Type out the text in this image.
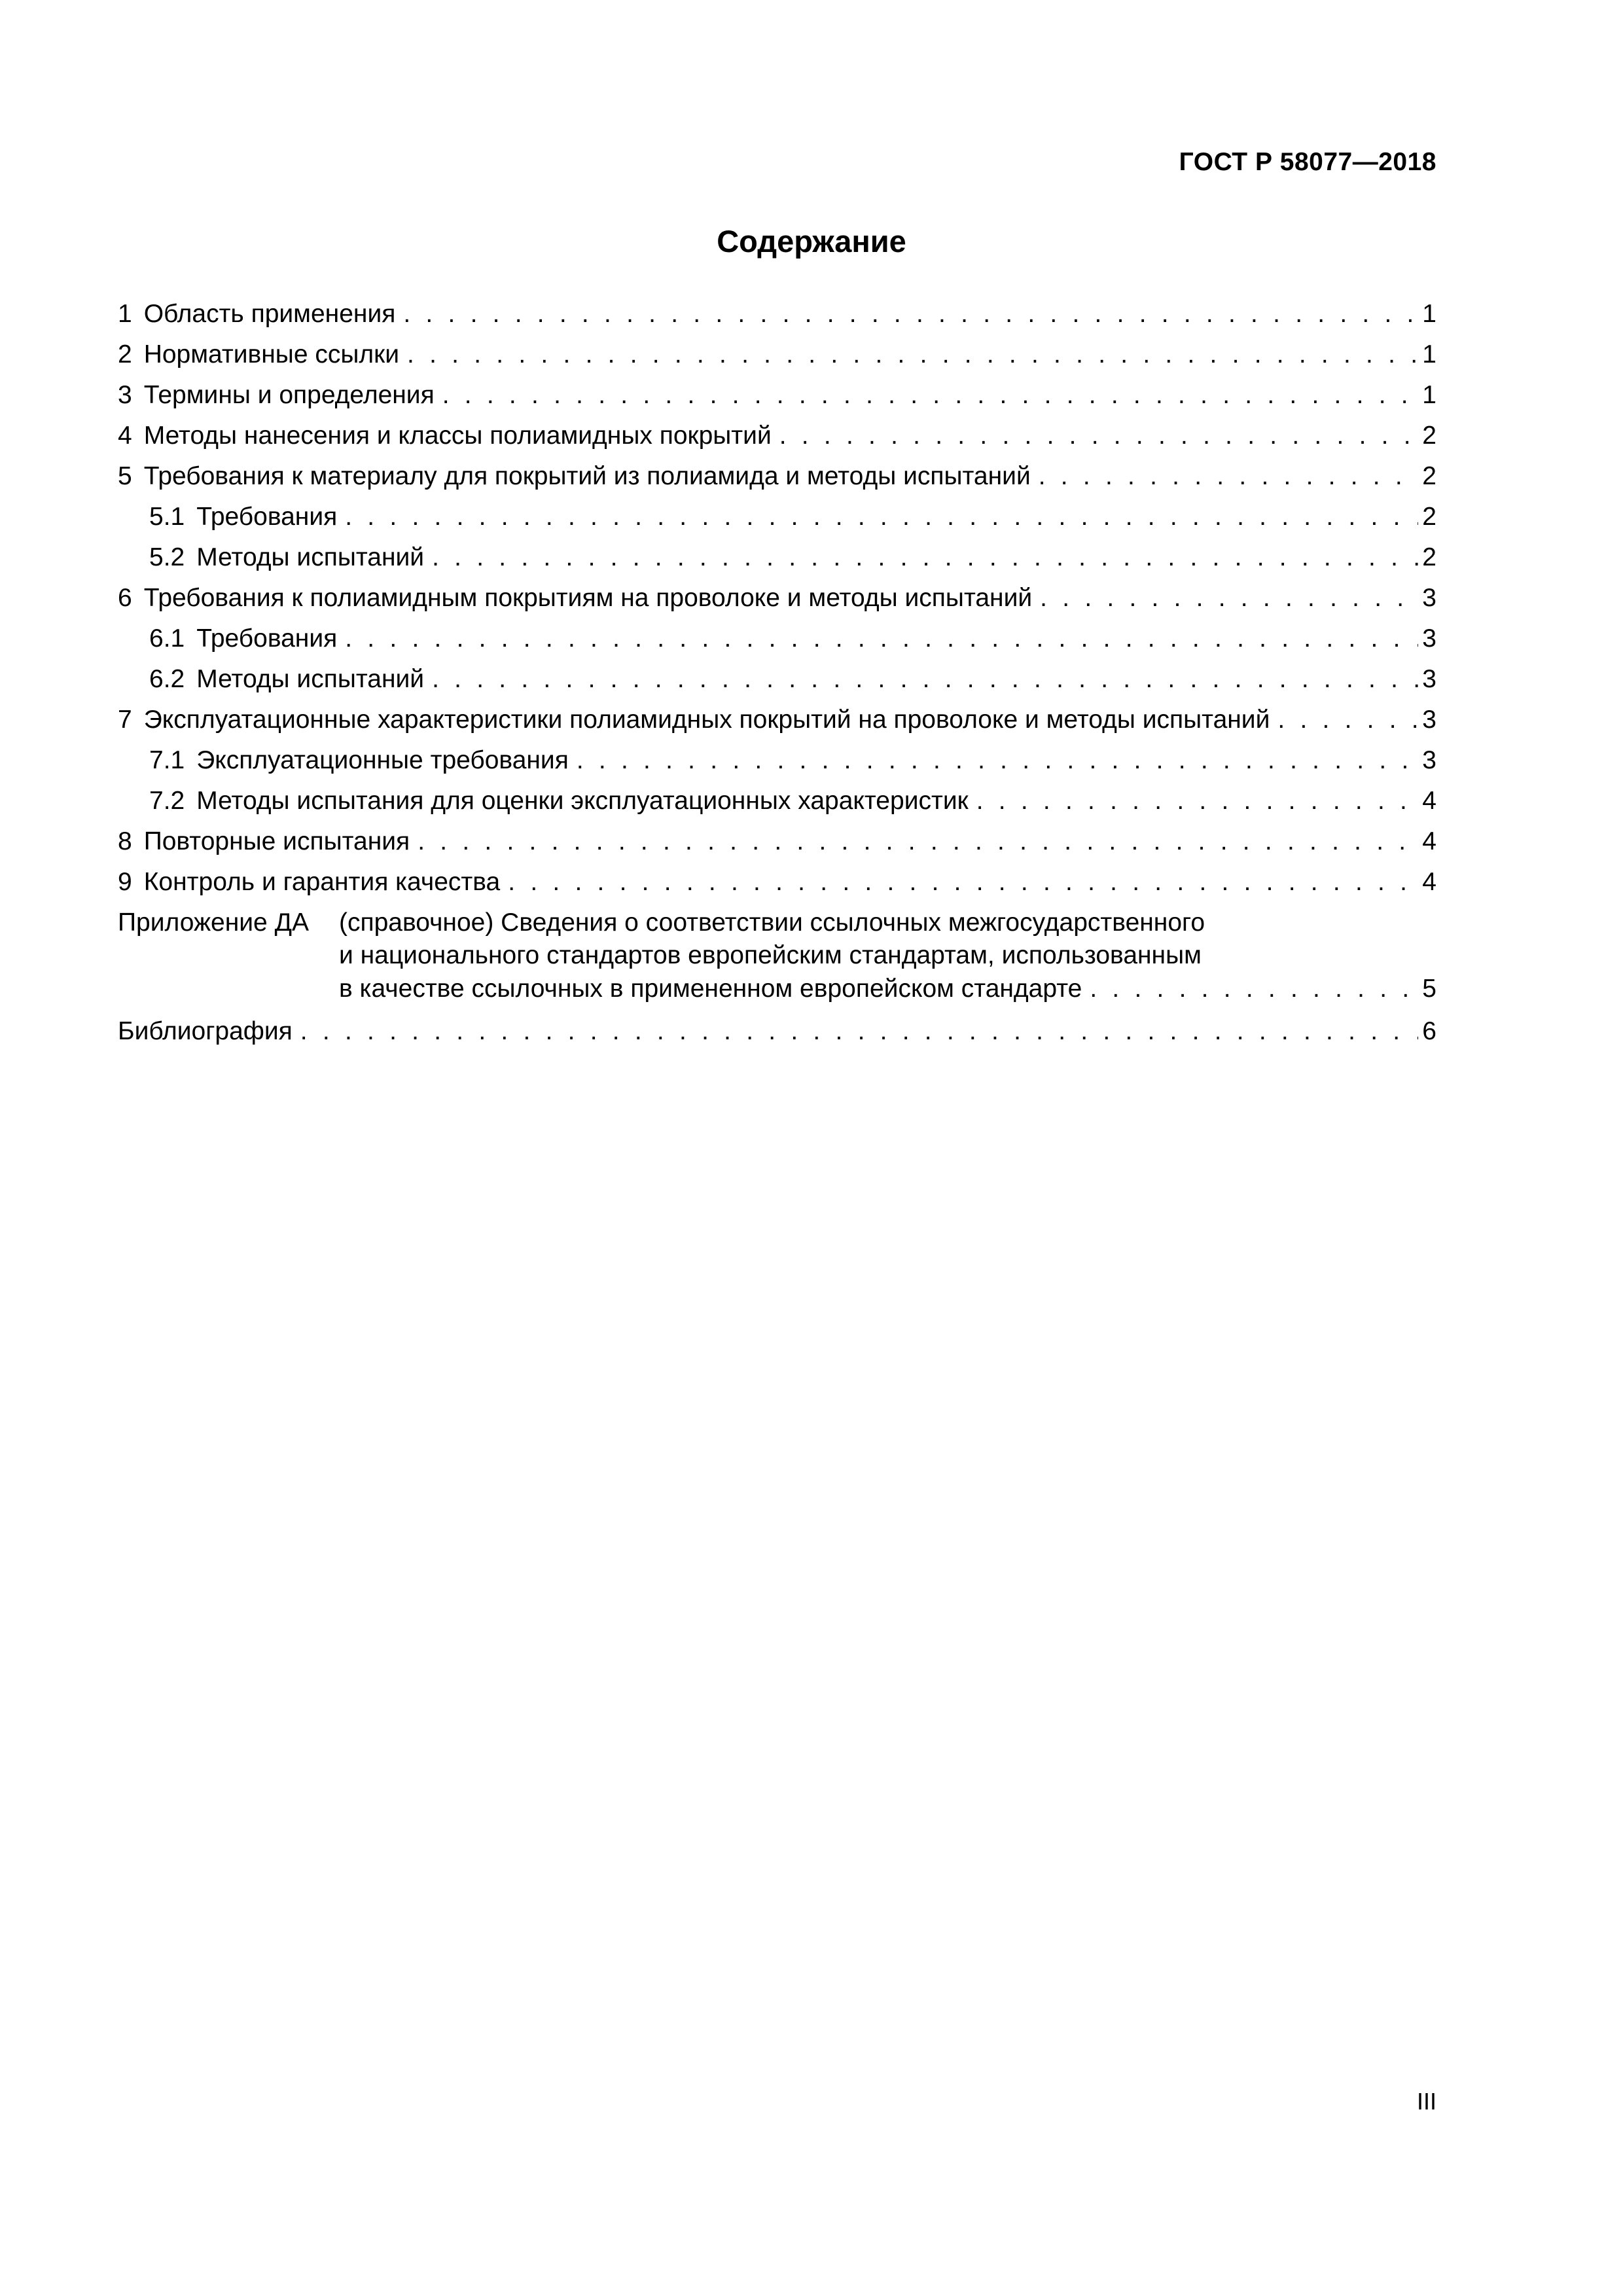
ГОСТ Р 58077—2018
Содержание
1 Область применения . . .	1
2 Нормативные ссылки . . .	1
3 Термины и определения . . .	1
4 Методы нанесения и классы полиамидных покрытий . . .	2
5 Требования к материалу для покрытий из полиамида и методы испытаний . . .	2
5.1 Требования . . .	2
5.2 Методы испытаний . . .	2
6 Требования к полиамидным покрытиям на проволоке и методы испытаний . . .	3
6.1 Требования . . .	3
6.2 Методы испытаний . . .	3
7 Эксплуатационные характеристики полиамидных покрытий на проволоке и методы испытаний . . .	3
7.1 Эксплуатационные требования . . .	3
7.2 Методы испытания для оценки эксплуатационных характеристик . . .	4
8 Повторные испытания . . .	4
9 Контроль и гарантия качества . . .	4
Приложение ДА	(справочное) Сведения о соответствии ссылочных межгосударственного
и национального стандартов европейским стандартам, использованным
в качестве ссылочных в примененном европейском стандарте . . .	5
Библиография . . .	6
III
